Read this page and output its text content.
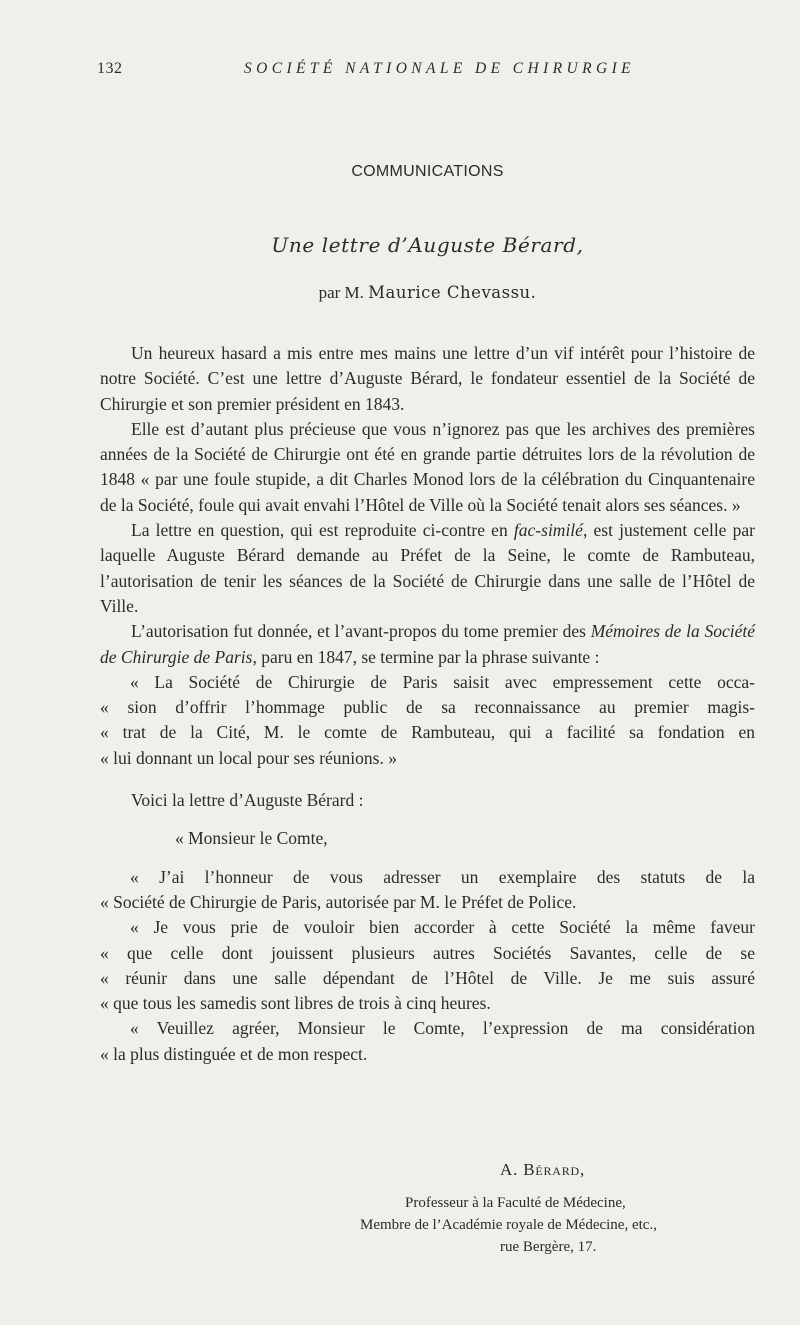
132	SOCIÉTÉ NATIONALE DE CHIRURGIE
COMMUNICATIONS
Une lettre d’Auguste Bérard,
par M. Maurice Chevassu.

Un heureux hasard a mis entre mes mains une lettre d’un vif intérêt pour l’histoire de notre Société. C’est une lettre d’Auguste Bérard, le fondateur essentiel de la Société de Chirurgie et son premier président en 1843.

Elle est d’autant plus précieuse que vous n’ignorez pas que les archives des premières années de la Société de Chirurgie ont été en grande partie détruites lors de la révolution de 1848 « par une foule stupide, a dit Charles Monod lors de la célébration du Cinquantenaire de la Société, foule qui avait envahi l’Hôtel de Ville où la Société tenait alors ses séances. »

La lettre en question, qui est reproduite ci-contre en fac-similé, est justement celle par laquelle Auguste Bérard demande au Préfet de la Seine, le comte de Rambuteau, l’autorisation de tenir les séances de la Société de Chirurgie dans une salle de l’Hôtel de Ville.

L’autorisation fut donnée, et l’avant-propos du tome premier des Mémoires de la Société de Chirurgie de Paris, paru en 1847, se termine par la phrase suivante :

« La Société de Chirurgie de Paris saisit avec empressement cette occa-
« sion d’offrir l’hommage public de sa reconnaissance au premier magis-
« trat de la Cité, M. le comte de Rambuteau, qui a facilité sa fondation en
« lui donnant un local pour ses réunions. »

Voici la lettre d’Auguste Bérard :

« Monsieur le Comte,
« J’ai l’honneur de vous adresser un exemplaire des statuts de la
« Société de Chirurgie de Paris, autorisée par M. le Préfet de Police.
« Je vous prie de vouloir bien accorder à cette Société la même faveur
« que celle dont jouissent plusieurs autres Sociétés Savantes, celle de se
« réunir dans une salle dépendant de l’Hôtel de Ville. Je me suis assuré
« que tous les samedis sont libres de trois à cinq heures.
« Veuillez agréer, Monsieur le Comte, l’expression de ma considération
« la plus distinguée et de mon respect.
A. Bérard,
Professeur à la Faculté de Médecine,
Membre de l’Académie royale de Médecine, etc.,
rue Bergère, 17.
